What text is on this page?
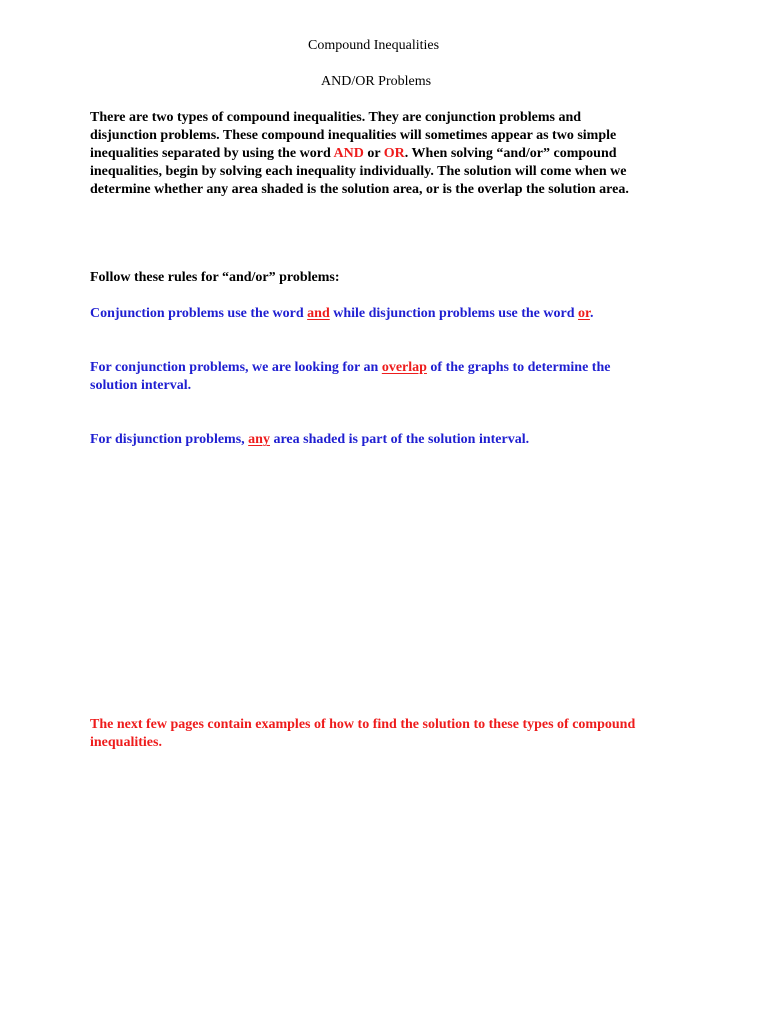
Compound Inequalities
AND/OR Problems
There are two types of compound inequalities. They are conjunction problems and
disjunction problems. These compound inequalities will sometimes appear as two simple
inequalities separated by using the word AND or OR. When solving “and/or” compound
inequalities, begin by solving each inequality individually. The solution will come when we
determine whether any area shaded is the solution area, or is the overlap the solution area.
Follow these rules for “and/or” problems:
Conjunction problems use the word and while disjunction problems use the word or.
For conjunction problems, we are looking for an overlap of the graphs to determine the
solution interval.
For disjunction problems, any area shaded is part of the solution interval.
The next few pages contain examples of how to find the solution to these types of compound
inequalities.
